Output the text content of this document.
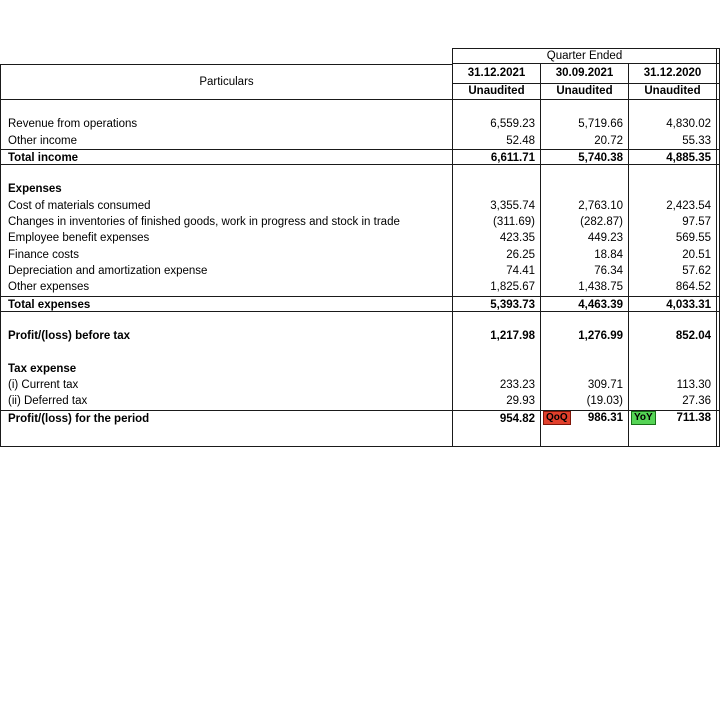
Quarter Ended
Particulars
31.12.2021	30.09.2021	31.12.2020
Unaudited	Unaudited	Unaudited
Revenue from operations	6,559.23	5,719.66	4,830.02
Other income	52.48	20.72	55.33
Total income	6,611.71	5,740.38	4,885.35
Expenses
Cost of materials consumed	3,355.74	2,763.10	2,423.54
Changes in inventories of finished goods, work in progress and stock in trade	(311.69)	(282.87)	97.57
Employee benefit expenses	423.35	449.23	569.55
Finance costs	26.25	18.84	20.51
Depreciation and amortization expense	74.41	76.34	57.62
Other expenses	1,825.67	1,438.75	864.52
Total expenses	5,393.73	4,463.39	4,033.31
Profit/(loss) before tax	1,217.98	1,276.99	852.04
Tax expense
(i) Current tax	233.23	309.71	113.30
(ii) Deferred tax	29.93	(19.03)	27.36
Profit/(loss) for the period	954.82	QoQ 986.31	YoY 711.38
